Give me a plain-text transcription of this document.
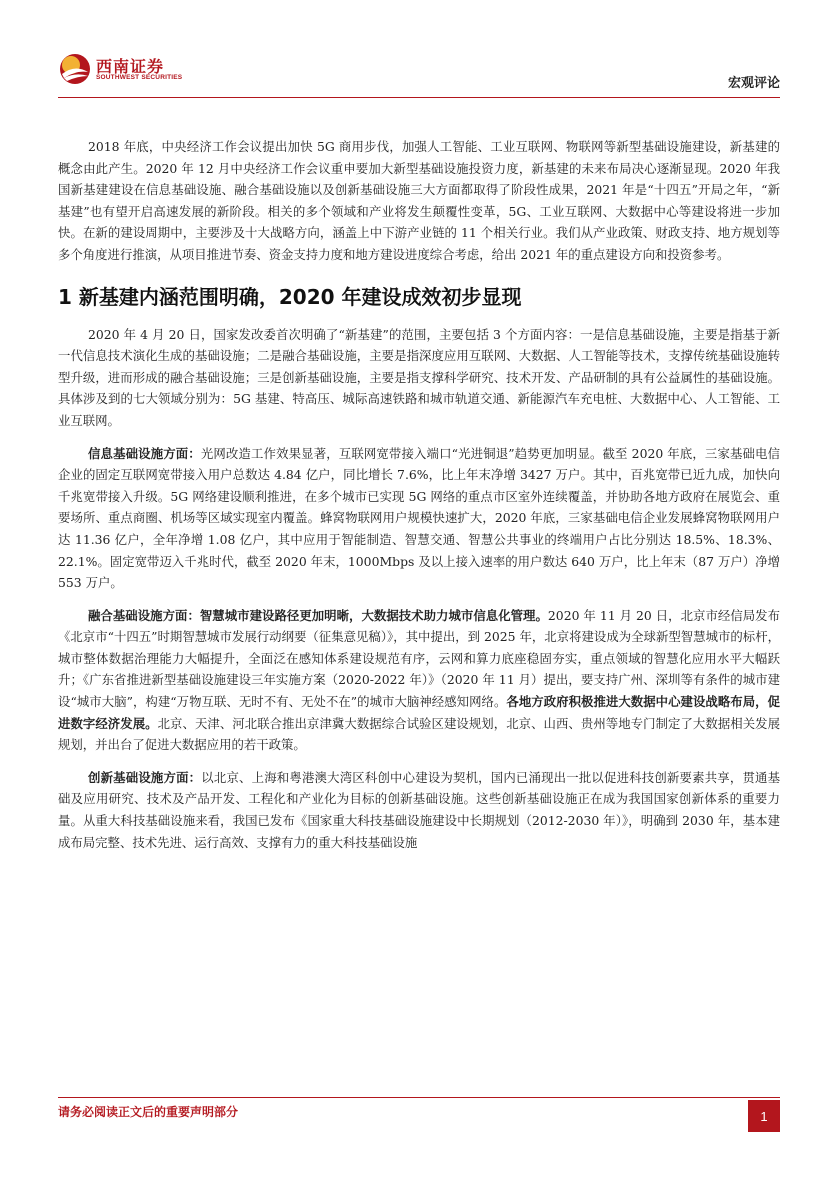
西南证券
SOUTHWEST SECURITIES	宏观评论

2018 年底，中央经济工作会议提出加快 5G 商用步伐，加强人工智能、工业互联网、物联网等新型基础设施建设，新基建的概念由此产生。2020 年 12 月中央经济工作会议重申要加大新型基础设施投资力度，新基建的未来布局决心逐渐显现。2020 年我国新基建建设在信息基础设施、融合基础设施以及创新基础设施三大方面都取得了阶段性成果，2021 年是“十四五”开局之年，“新基建”也有望开启高速发展的新阶段。相关的多个领域和产业将发生颠覆性变革，5G、工业互联网、大数据中心等建设将进一步加快。在新的建设周期中，主要涉及十大战略方向，涵盖上中下游产业链的 11 个相关行业。我们从产业政策、财政支持、地方规划等多个角度进行推演，从项目推进节奏、资金支持力度和地方建设进度综合考虑，给出 2021 年的重点建设方向和投资参考。

1 新基建内涵范围明确，2020 年建设成效初步显现

2020 年 4 月 20 日，国家发改委首次明确了“新基建”的范围，主要包括 3 个方面内容：一是信息基础设施，主要是指基于新一代信息技术演化生成的基础设施；二是融合基础设施，主要是指深度应用互联网、大数据、人工智能等技术，支撑传统基础设施转型升级，进而形成的融合基础设施；三是创新基础设施，主要是指支撑科学研究、技术开发、产品研制的具有公益属性的基础设施。具体涉及到的七大领域分别为：5G 基建、特高压、城际高速铁路和城市轨道交通、新能源汽车充电桩、大数据中心、人工智能、工业互联网。

信息基础设施方面：光网改造工作效果显著，互联网宽带接入端口“光进铜退”趋势更加明显。截至 2020 年底，三家基础电信企业的固定互联网宽带接入用户总数达 4.84 亿户，同比增长 7.6%，比上年末净增 3427 万户。其中，百兆宽带已近九成，加快向千兆宽带接入升级。5G 网络建设顺利推进，在多个城市已实现 5G 网络的重点市区室外连续覆盖，并协助各地方政府在展览会、重要场所、重点商圈、机场等区域实现室内覆盖。蜂窝物联网用户规模快速扩大，2020 年底，三家基础电信企业发展蜂窝物联网用户达 11.36 亿户，全年净增 1.08 亿户，其中应用于智能制造、智慧交通、智慧公共事业的终端用户占比分别达 18.5%、18.3%、22.1%。固定宽带迈入千兆时代，截至 2020 年末，1000Mbps 及以上接入速率的用户数达 640 万户，比上年末（87 万户）净增 553 万户。

融合基础设施方面：智慧城市建设路径更加明晰，大数据技术助力城市信息化管理。2020 年 11 月 20 日，北京市经信局发布《北京市“十四五”时期智慧城市发展行动纲要（征集意见稿）》，其中提出，到 2025 年，北京将建设成为全球新型智慧城市的标杆，城市整体数据治理能力大幅提升，全面泛在感知体系建设规范有序，云网和算力底座稳固夯实，重点领域的智慧化应用水平大幅跃升；《广东省推进新型基础设施建设三年实施方案（2020-2022 年）》（2020 年 11 月）提出，要支持广州、深圳等有条件的城市建设“城市大脑”，构建“万物互联、无时不有、无处不在”的城市大脑神经感知网络。各地方政府积极推进大数据中心建设战略布局，促进数字经济发展。北京、天津、河北联合推出京津冀大数据综合试验区建设规划，北京、山西、贵州等地专门制定了大数据相关发展规划，并出台了促进大数据应用的若干政策。

创新基础设施方面：以北京、上海和粤港澳大湾区科创中心建设为契机，国内已涌现出一批以促进科技创新要素共享，贯通基础及应用研究、技术及产品开发、工程化和产业化为目标的创新基础设施。这些创新基础设施正在成为我国国家创新体系的重要力量。从重大科技基础设施来看，我国已发布《国家重大科技基础设施建设中长期规划（2012-2030 年）》，明确到 2030 年，基本建成布局完整、技术先进、运行高效、支撑有力的重大科技基础设施

请务必阅读正文后的重要声明部分	1
